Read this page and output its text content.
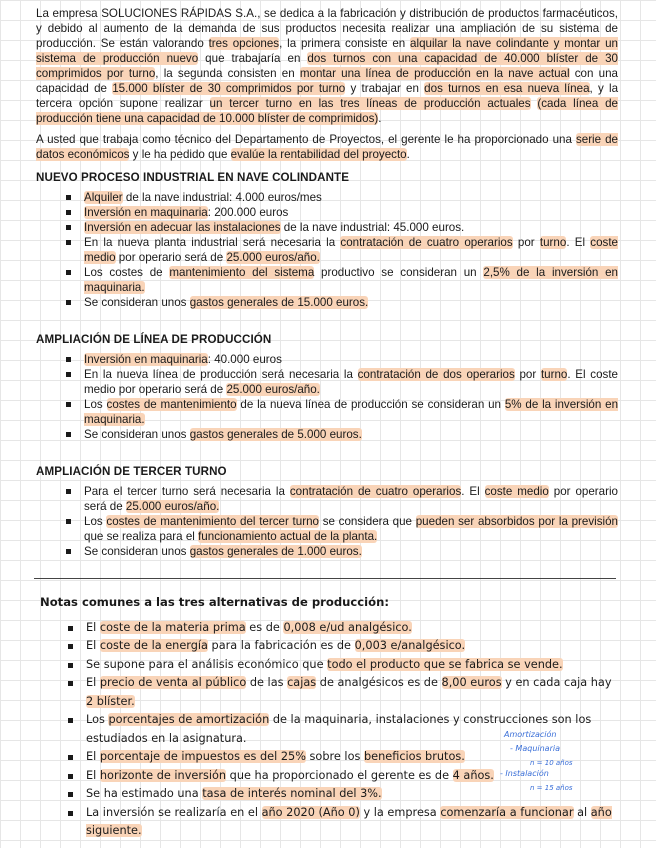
La empresa SOLUCIONES RÁPIDAS S.A., se dedica a la fabricación y distribución de productos farmacéuticos, y debido al aumento de la demanda de sus productos necesita realizar una ampliación de su sistema de producción. Se están valorando tres opciones, la primera consiste en alquilar la nave colindante y montar un sistema de producción nuevo que trabajaría en dos turnos con una capacidad de 40.000 blíster de 30 comprimidos por turno, la segunda consisten en montar una línea de producción en la nave actual con una capacidad de 15.000 blíster de 30 comprimidos por turno y trabajar en dos turnos en esa nueva línea, y la tercera opción supone realizar un tercer turno en las tres líneas de producción actuales (cada línea de producción tiene una capacidad de 10.000 blíster de comprimidos).

A usted que trabaja como técnico del Departamento de Proyectos, el gerente le ha proporcionado una serie de datos económicos y le ha pedido que evalúe la rentabilidad del proyecto.

NUEVO PROCESO INDUSTRIAL EN NAVE COLINDANTE
Alquiler de la nave industrial: 4.000 euros/mes
Inversión en maquinaria: 200.000 euros
Inversión en adecuar las instalaciones de la nave industrial: 45.000 euros.
En la nueva planta industrial será necesaria la contratación de cuatro operarios por turno. El coste medio por operario será de 25.000 euros/año.
Los costes de mantenimiento del sistema productivo se consideran un 2,5% de la inversión en maquinaria.
Se consideran unos gastos generales de 15.000 euros.
AMPLIACIÓN DE LÍNEA DE PRODUCCIÓN
Inversión en maquinaria: 40.000 euros
En la nueva línea de producción será necesaria la contratación de dos operarios por turno. El coste medio por operario será de 25.000 euros/año.
Los costes de mantenimiento de la nueva línea de producción se consideran un 5% de la inversión en maquinaria.
Se consideran unos gastos generales de 5.000 euros.
AMPLIACIÓN DE TERCER TURNO
Para el tercer turno será necesaria la contratación de cuatro operarios. El coste medio por operario será de 25.000 euros/año.
Los costes de mantenimiento del tercer turno se considera que pueden ser absorbidos por la previsión que se realiza para el funcionamiento actual de la planta.
Se consideran unos gastos generales de 1.000 euros.
Notas comunes a las tres alternativas de producción:
El coste de la materia prima es de 0,008 e/ud analgésico.
El coste de la energía para la fabricación es de 0,003 e/analgésico.
Se supone para el análisis económico que todo el producto que se fabrica se vende.
El precio de venta al público de las cajas de analgésicos es de 8,00 euros y en cada caja hay 2 blíster.
Los porcentajes de amortización de la maquinaria, instalaciones y construcciones son los estudiados en la asignatura.
El porcentaje de impuestos es del 25% sobre los beneficios brutos.
El horizonte de inversión que ha proporcionado el gerente es de 4 años.
Se ha estimado una tasa de interés nominal del 3%.
La inversión se realizaría en el año 2020 (Año 0) y la empresa comenzaría a funcionar al año siguiente.
Amortización
- Maquinaria
n = 10 años
- Instalación
n = 15 años
